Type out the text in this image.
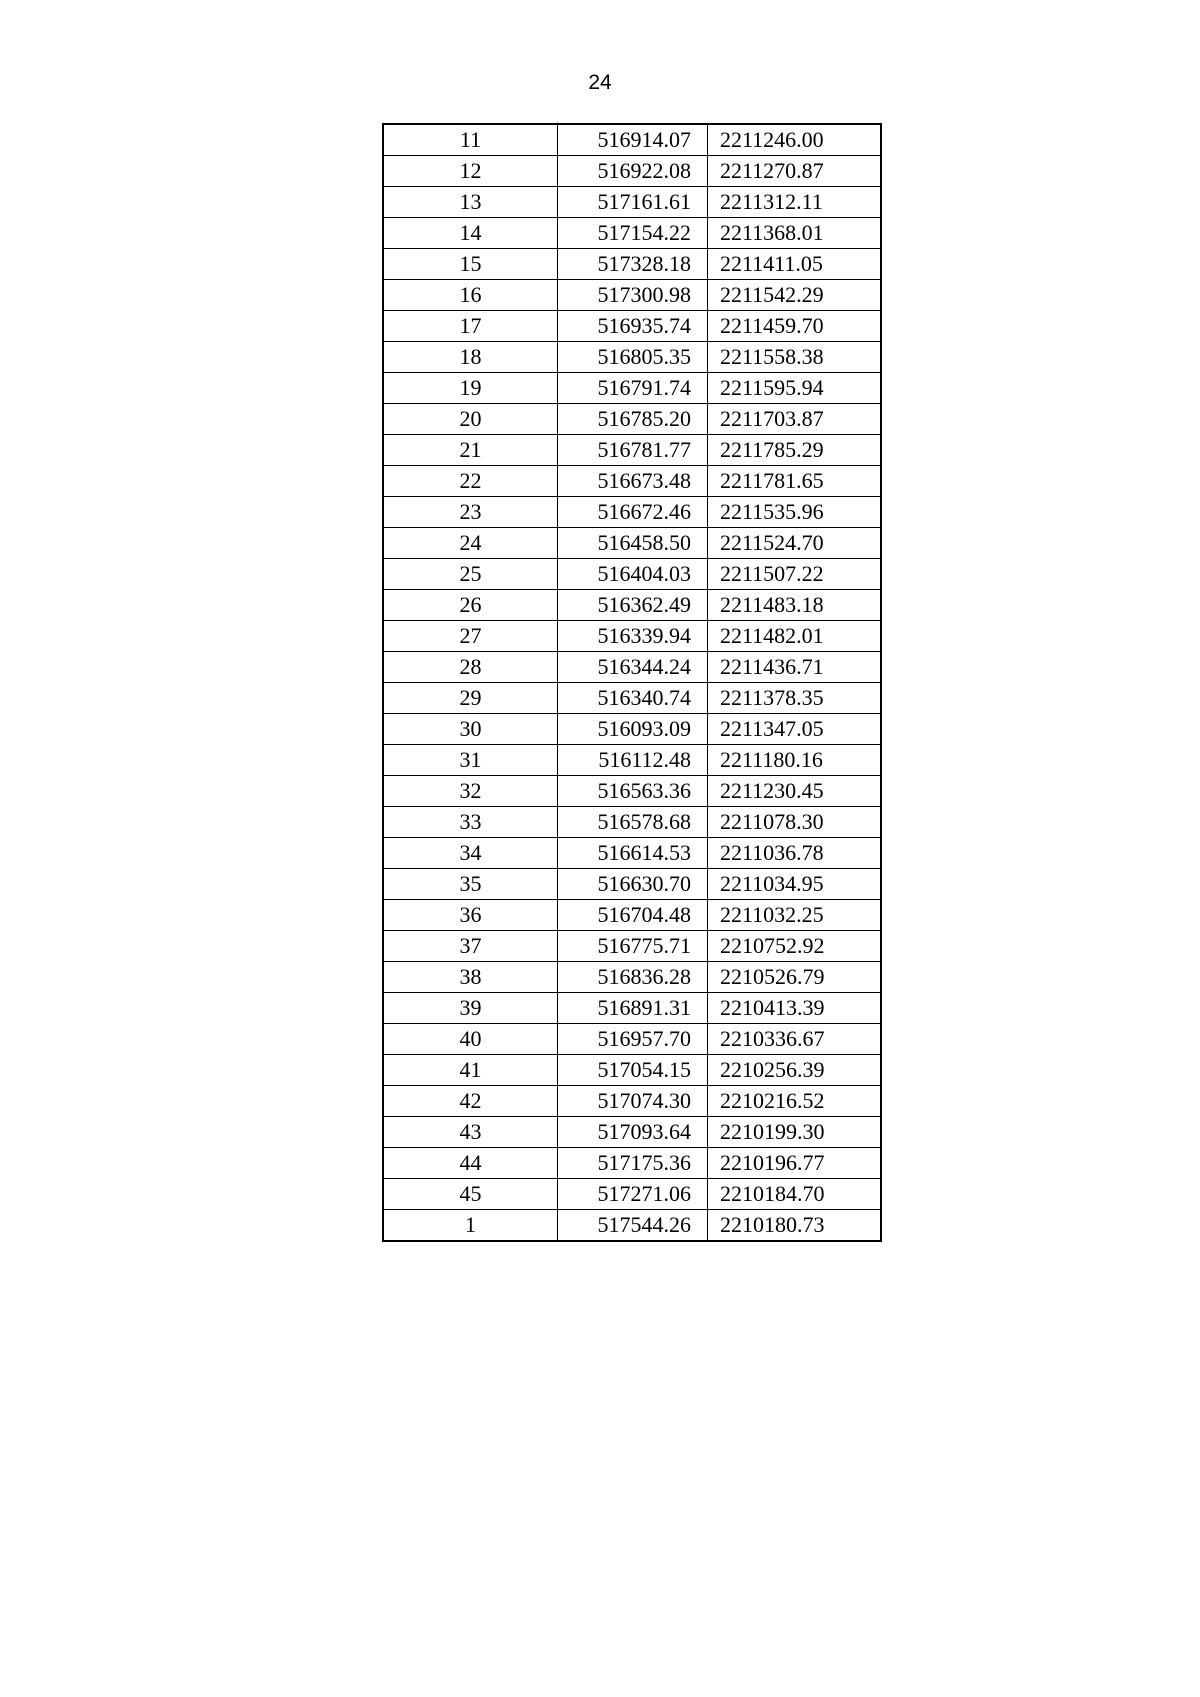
24
11	516914.07	2211246.00
12	516922.08	2211270.87
13	517161.61	2211312.11
14	517154.22	2211368.01
15	517328.18	2211411.05
16	517300.98	2211542.29
17	516935.74	2211459.70
18	516805.35	2211558.38
19	516791.74	2211595.94
20	516785.20	2211703.87
21	516781.77	2211785.29
22	516673.48	2211781.65
23	516672.46	2211535.96
24	516458.50	2211524.70
25	516404.03	2211507.22
26	516362.49	2211483.18
27	516339.94	2211482.01
28	516344.24	2211436.71
29	516340.74	2211378.35
30	516093.09	2211347.05
31	516112.48	2211180.16
32	516563.36	2211230.45
33	516578.68	2211078.30
34	516614.53	2211036.78
35	516630.70	2211034.95
36	516704.48	2211032.25
37	516775.71	2210752.92
38	516836.28	2210526.79
39	516891.31	2210413.39
40	516957.70	2210336.67
41	517054.15	2210256.39
42	517074.30	2210216.52
43	517093.64	2210199.30
44	517175.36	2210196.77
45	517271.06	2210184.70
1	517544.26	2210180.73
